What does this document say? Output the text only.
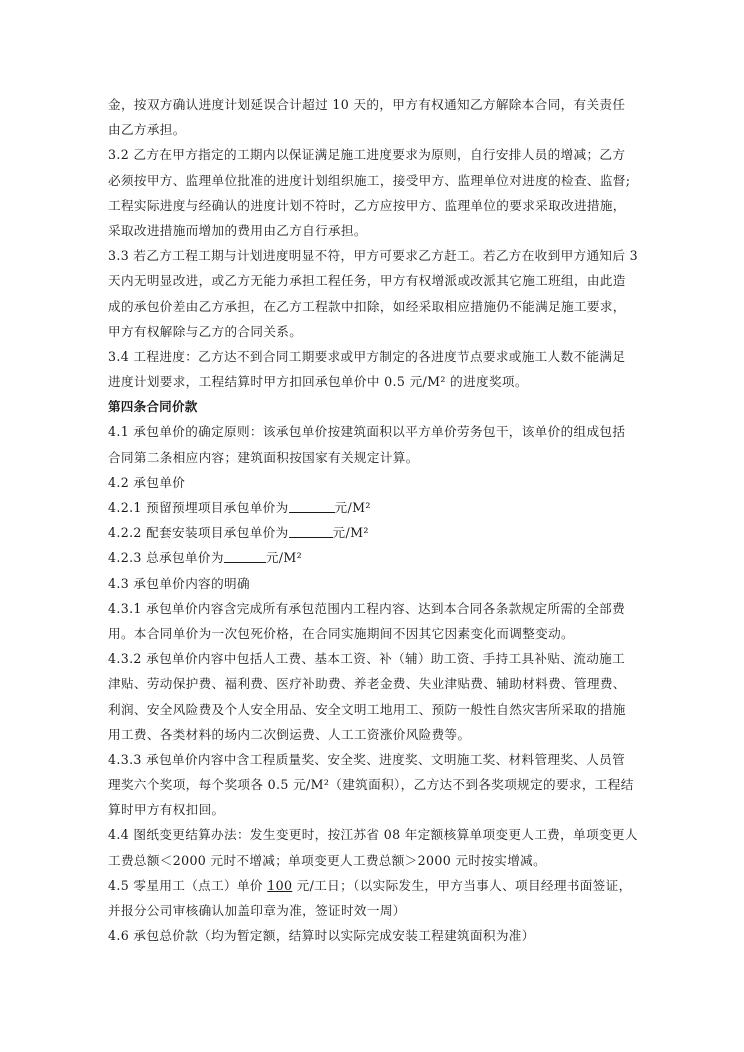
金，按双方确认进度计划延误合计超过 10 天的，甲方有权通知乙方解除本合同，有关责任
由乙方承担。
3.2 乙方在甲方指定的工期内以保证满足施工进度要求为原则，自行安排人员的增减；乙方
必须按甲方、监理单位批准的进度计划组织施工，接受甲方、监理单位对进度的检查、监督;
工程实际进度与经确认的进度计划不符时，乙方应按甲方、监理单位的要求采取改进措施，
采取改进措施而增加的费用由乙方自行承担。
3.3 若乙方工程工期与计划进度明显不符，甲方可要求乙方赶工。若乙方在收到甲方通知后 3
天内无明显改进，或乙方无能力承担工程任务，甲方有权增派或改派其它施工班组，由此造
成的承包价差由乙方承担，在乙方工程款中扣除，如经采取相应措施仍不能满足施工要求，
甲方有权解除与乙方的合同关系。
3.4 工程进度：乙方达不到合同工期要求或甲方制定的各进度节点要求或施工人数不能满足
进度计划要求，工程结算时甲方扣回承包单价中 0.5 元/M² 的进度奖项。
第四条合同价款
4.1 承包单价的确定原则：该承包单价按建筑面积以平方单价劳务包干，该单价的组成包括
合同第二条相应内容；建筑面积按国家有关规定计算。
4.2 承包单价
4.2.1 预留预埋项目承包单价为	元/M²
4.2.2 配套安装项目承包单价为	元/M²
4.2.3 总承包单价为	元/M²
4.3 承包单价内容的明确
4.3.1 承包单价内容含完成所有承包范围内工程内容、达到本合同各条款规定所需的全部费
用。本合同单价为一次包死价格，在合同实施期间不因其它因素变化而调整变动。
4.3.2 承包单价内容中包括人工费、基本工资、补（辅）助工资、手持工具补贴、流动施工
津贴、劳动保护费、福利费、医疗补助费、养老金费、失业津贴费、辅助材料费、管理费、
利润、安全风险费及个人安全用品、安全文明工地用工、预防一般性自然灾害所采取的措施
用工费、各类材料的场内二次倒运费、人工工资涨价风险费等。
4.3.3 承包单价内容中含工程质量奖、安全奖、进度奖、文明施工奖、材料管理奖、人员管
理奖六个奖项，每个奖项各 0.5 元/M²（建筑面积），乙方达不到各奖项规定的要求，工程结
算时甲方有权扣回。
4.4 图纸变更结算办法：发生变更时，按江苏省 08 年定额核算单项变更人工费，单项变更人
工费总额＜2000 元时不增减；单项变更人工费总额＞2000 元时按实增减。
4.5 零星用工（点工）单价 100 元/工日；（以实际发生，甲方当事人、项目经理书面签证，
并报分公司审核确认加盖印章为准，签证时效一周）
4.6 承包总价款（均为暂定额，结算时以实际完成安装工程建筑面积为准）
